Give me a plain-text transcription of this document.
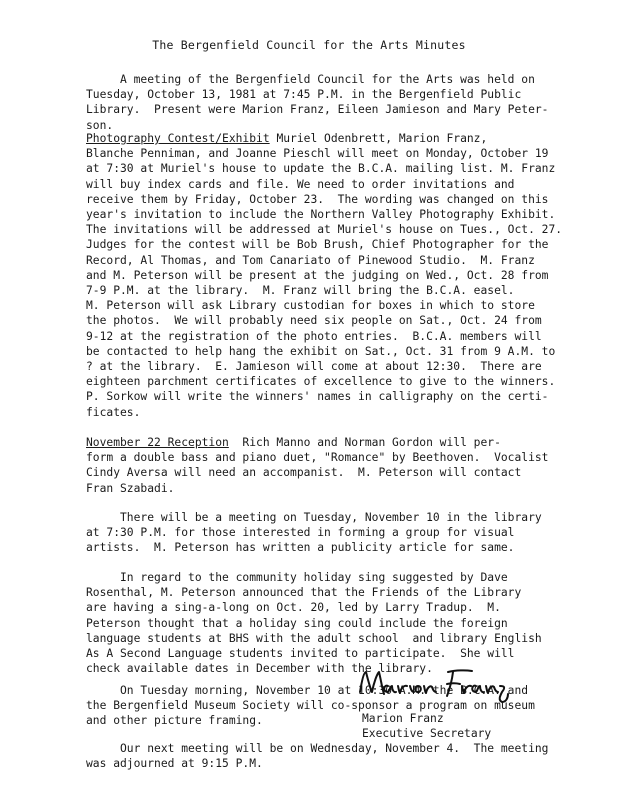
The Bergenfield Council for the Arts Minutes
A meeting of the Bergenfield Council for the Arts was held on
Tuesday, October 13, 1981 at 7:45 P.M. in the Bergenfield Public
Library.  Present were Marion Franz, Eileen Jamieson and Mary Peter-
son.
Photography Contest/Exhibit Muriel Odenbrett, Marion Franz,
Blanche Penniman, and Joanne Pieschl will meet on Monday, October 19
at 7:30 at Muriel's house to update the B.C.A. mailing list. M. Franz
will buy index cards and file. We need to order invitations and
receive them by Friday, October 23.  The wording was changed on this
year's invitation to include the Northern Valley Photography Exhibit.
The invitations will be addressed at Muriel's house on Tues., Oct. 27.
Judges for the contest will be Bob Brush, Chief Photographer for the
Record, Al Thomas, and Tom Canariato of Pinewood Studio.  M. Franz
and M. Peterson will be present at the judging on Wed., Oct. 28 from
7-9 P.M. at the library.  M. Franz will bring the B.C.A. easel.
M. Peterson will ask Library custodian for boxes in which to store
the photos.  We will probably need six people on Sat., Oct. 24 from
9-12 at the registration of the photo entries.  B.C.A. members will
be contacted to help hang the exhibit on Sat., Oct. 31 from 9 A.M. to
? at the library.  E. Jamieson will come at about 12:30.  There are
eighteen parchment certificates of excellence to give to the winners.
P. Sorkow will write the winners' names in calligraphy on the certi-
ficates.
November 22 Reception  Rich Manno and Norman Gordon will per-
form a double bass and piano duet, "Romance" by Beethoven.  Vocalist
Cindy Aversa will need an accompanist.  M. Peterson will contact
Fran Szabadi.
There will be a meeting on Tuesday, November 10 in the library
at 7:30 P.M. for those interested in forming a group for visual
artists.  M. Peterson has written a publicity article for same.
In regard to the community holiday sing suggested by Dave
Rosenthal, M. Peterson announced that the Friends of the Library
are having a sing-a-long on Oct. 20, led by Larry Tradup.  M.
Peterson thought that a holiday sing could include the foreign
language students at BHS with the adult school  and library English
As A Second Language students invited to participate.  She will
check available dates in December with the library.
On Tuesday morning, November 10 at 10:30 A.M. the B.C.A. and
the Bergenfield Museum Society will co-sponsor a program on museum
and other picture framing.
Our next meeting will be on Wednesday, November 4.  The meeting
was adjourned at 9:15 P.M.
Marion Franz
Executive Secretary
